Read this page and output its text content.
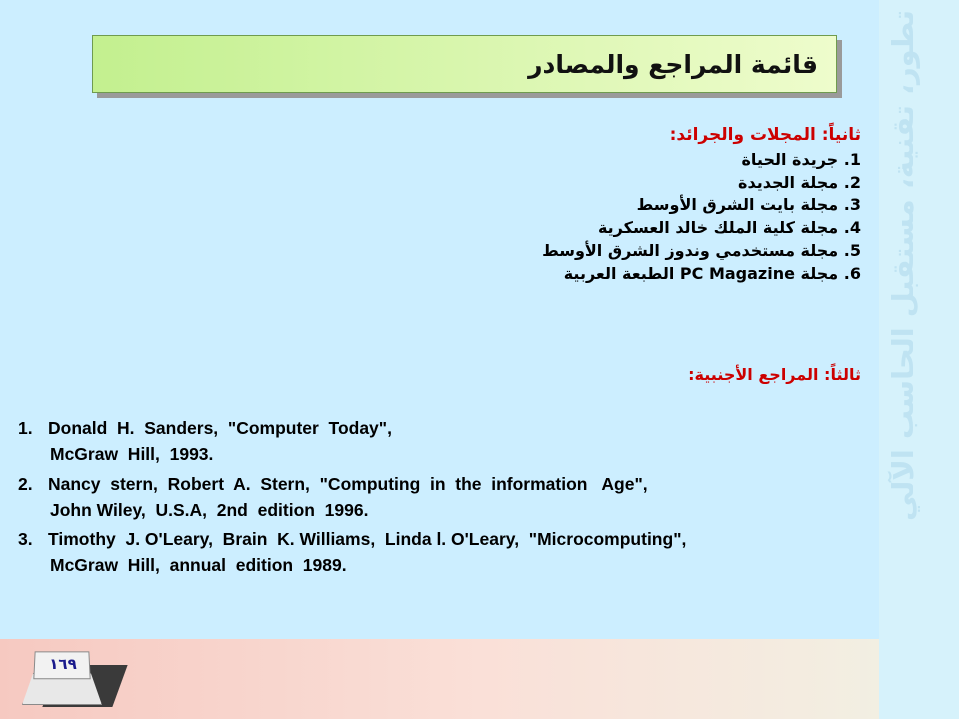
تطور، تقنية، مستقبل الحاسب الآلي
قائمة المراجع والمصادر
ثانياً: المجلات والجرائد:
1. جريدة الحياة
2. مجلة الجديدة
3. مجلة بايت الشرق الأوسط
4. مجلة كلية الملك خالد العسكرية
5. مجلة مستخدمي وندوز الشرق الأوسط
6. مجلة PC Magazine الطبعة العربية
ثالثاً: المراجع الأجنبية:
1. Donald  H.  Sanders,  "Computer  Today",
McGraw  Hill,  1993.
2. Nancy  stern,  Robert  A.  Stern,  "Computing  in  the  information   Age",
John Wiley,  U.S.A,  2nd  edition  1996.
3. Timothy  J. O'Leary,  Brain  K. Williams,  Linda l. O'Leary,  "Microcomputing",
McGraw  Hill,  annual  edition  1989.
١٦٩
